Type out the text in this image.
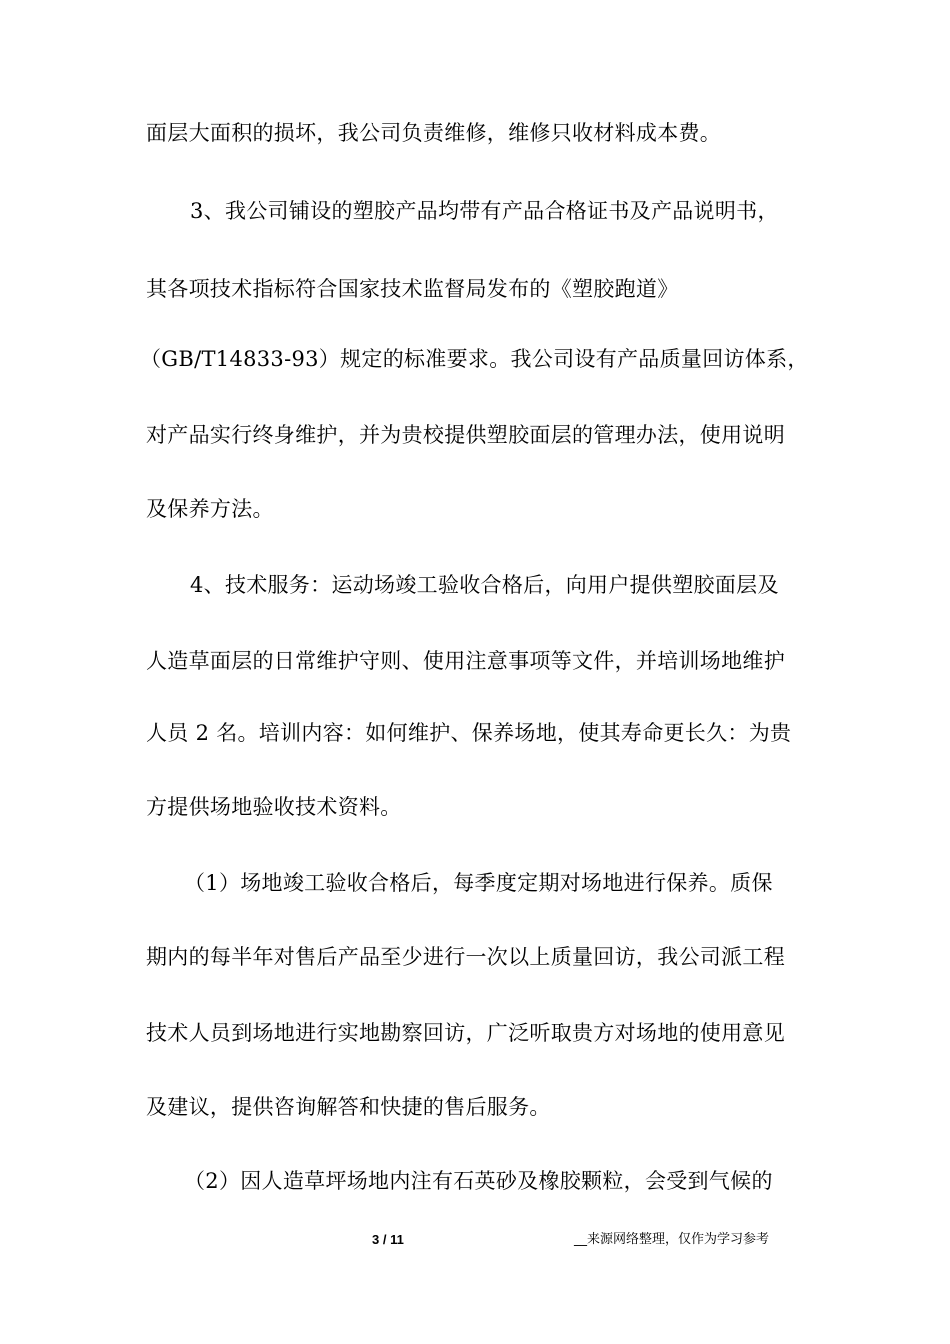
面层大面积的损坏，我公司负责维修，维修只收材料成本费。
3、我公司铺设的塑胶产品均带有产品合格证书及产品说明书，
其各项技术指标符合国家技术监督局发布的《塑胶跑道》
（GB/T14833-93）规定的标准要求。我公司设有产品质量回访体系，
对产品实行终身维护，并为贵校提供塑胶面层的管理办法，使用说明
及保养方法。
4、技术服务：运动场竣工验收合格后，向用户提供塑胶面层及
人造草面层的日常维护守则、使用注意事项等文件，并培训场地维护
人员 2 名。培训内容：如何维护、保养场地，使其寿命更长久：为贵
方提供场地验收技术资料。
（1）场地竣工验收合格后，每季度定期对场地进行保养。质保
期内的每半年对售后产品至少进行一次以上质量回访，我公司派工程
技术人员到场地进行实地勘察回访，广泛听取贵方对场地的使用意见
及建议，提供咨询解答和快捷的售后服务。
（2）因人造草坪场地内注有石英砂及橡胶颗粒，会受到气候的
3 / 11	__来源网络整理，仅作为学习参考
